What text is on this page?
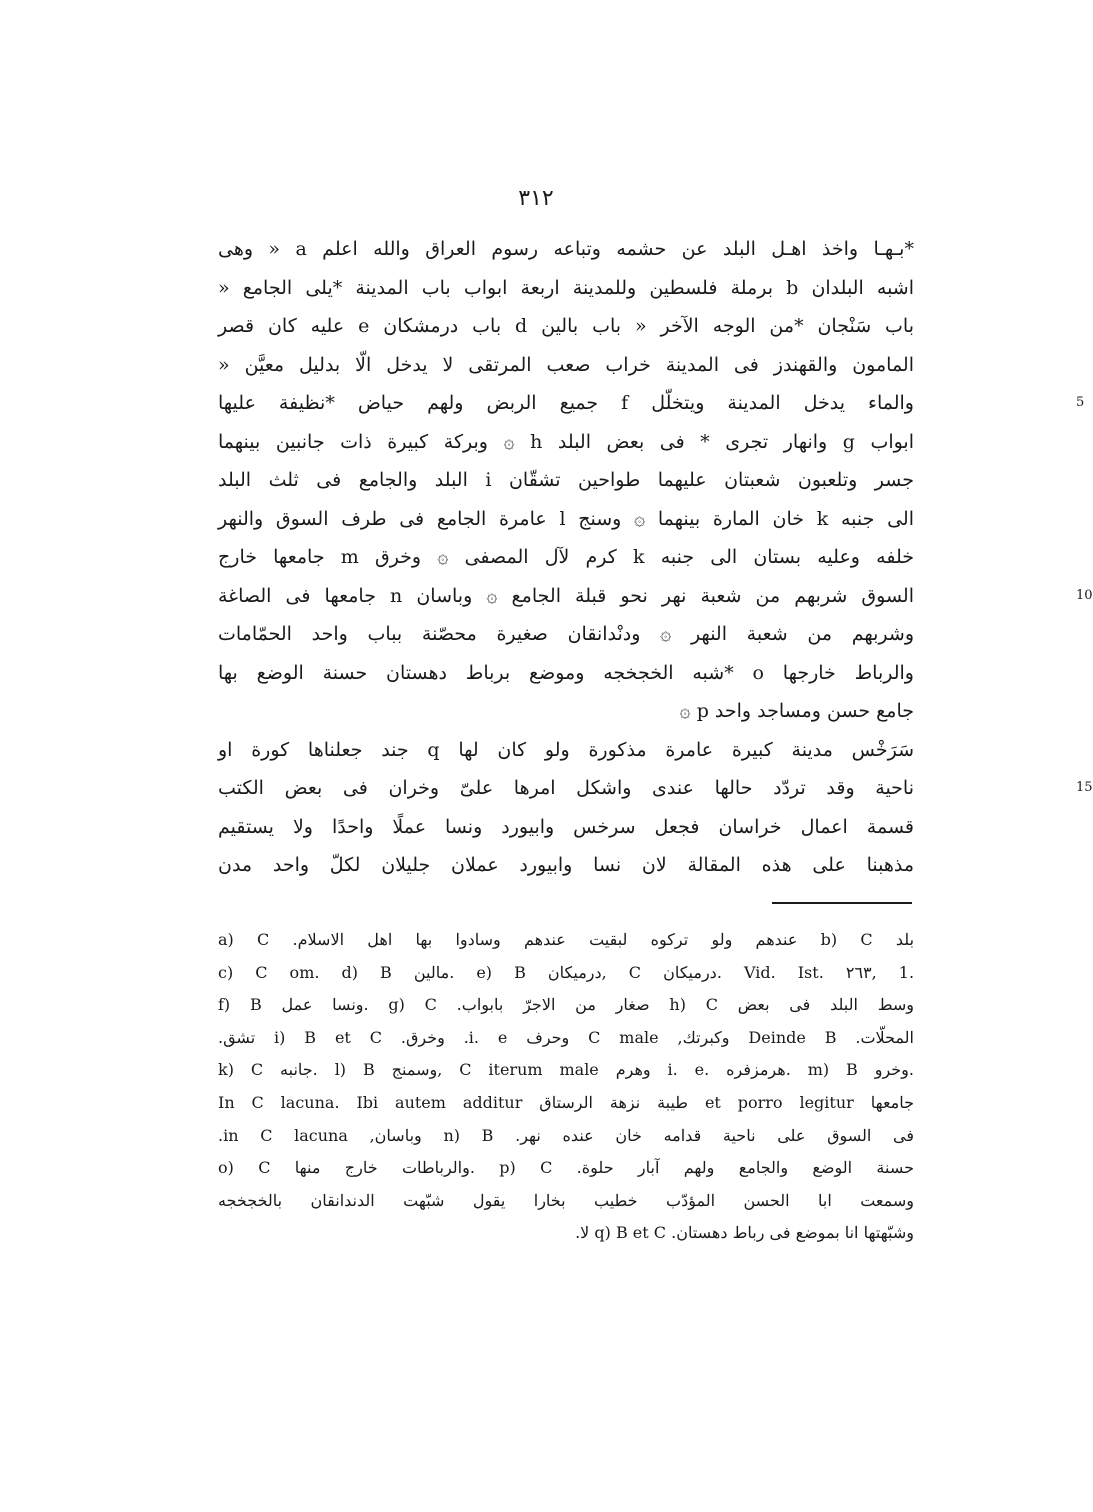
٣١٢
*بـهـا واخذ اهـل البلد عن حشمه وتباعه رسوم العراق والله اعلم a « وهى
اشبه البلدان b برملة فلسطين وللمدينة اربعة ابواب باب المدينة *يلى الجامع «
باب سَنْجان *من الوجه الآخر « باب بالين d باب درمشكان e عليه كان قصر
المامون والقهندز فى المدينة خراب صعب المرتقى لا يدخل الّا بدليل معيَّن «
والماء يدخل المدينة ويتخلّل f جميع الربض ولهم حياض *نظيفة عليها	5
ابواب g وانهار تجرى * فى بعض البلد h ۞ وبركة كبيرة ذات جانبين بينهما
جسر وتلعبون شعبتان عليهما طواحين تشقّان i البلد والجامع فى ثلث البلد
الى جنبه k خان المارة بينهما ۞ وسنج l عامرة الجامع فى طرف السوق والنهر
خلفه وعليه بستان الى جنبه k كرم لآل المصفى ۞ وخرق m جامعها خارج
السوق شربهم من شعبة نهر نحو قبلة الجامع ۞ وباسان n جامعها فى الصاغة	10
وشربهم من شعبة النهر ۞ ودنْدانقان صغيرة محصّنة بباب واحد الحمّامات
والرباط خارجها o *شبه الخجخجه وموضع برباط دهستان حسنة الوضع بها
جامع حسن ومساجد واحد p ۞
سَرَخْس مدينة كبيرة عامرة مذكورة ولو كان لها q جند جعلناها كورة او
ناحية وقد تردّد حالها عندى واشكل امرها علىّ وخران فى بعض الكتب	15
قسمة اعمال خراسان فجعل سرخس وابيورد ونسا عملًا واحدًا ولا يستقيم
مذهبنا على هذه المقالة لان نسا وابيورد عملان جليلان لكلّ واحد مدن
a) C .عندهم ولو تركوه لبقيت عندهم وسادوا بها اهل الاسلام b) C بلد
c) C om. d) B مالين. e) B درميكان, C درميكان. Vid. Ist. ٢٦٣, 1.
f) B ونسا عمل. g) C .صغار من الاجرّ بابواب h) C وسط البلد فى بعض
المحلّات. Deinde B وكبرتك, C male وحرف i. e. وخرق. i) B et C تشق.
k) C جانبه. l) B وسمنج, C iterum male وهرم i. e. هرمزفره. m) B وخرو.
In C lacuna. Ibi autem additur طيبة نزهة الرستاق et porro legitur جامعها
فى السوق على ناحية قدامه خان عنده نهر. n) B وباسان, in C lacuna.
o) C والرباطات خارج منها. p) C .حسنة الوضع والجامع ولهم آبار حلوة
وسمعت ابا الحسن المؤدّب خطيب بخارا يقول شبّهت الدندانقان بالخجخجه
وشبّهتها انا بموضع فى رباط دهستان. q) B et C لا.
